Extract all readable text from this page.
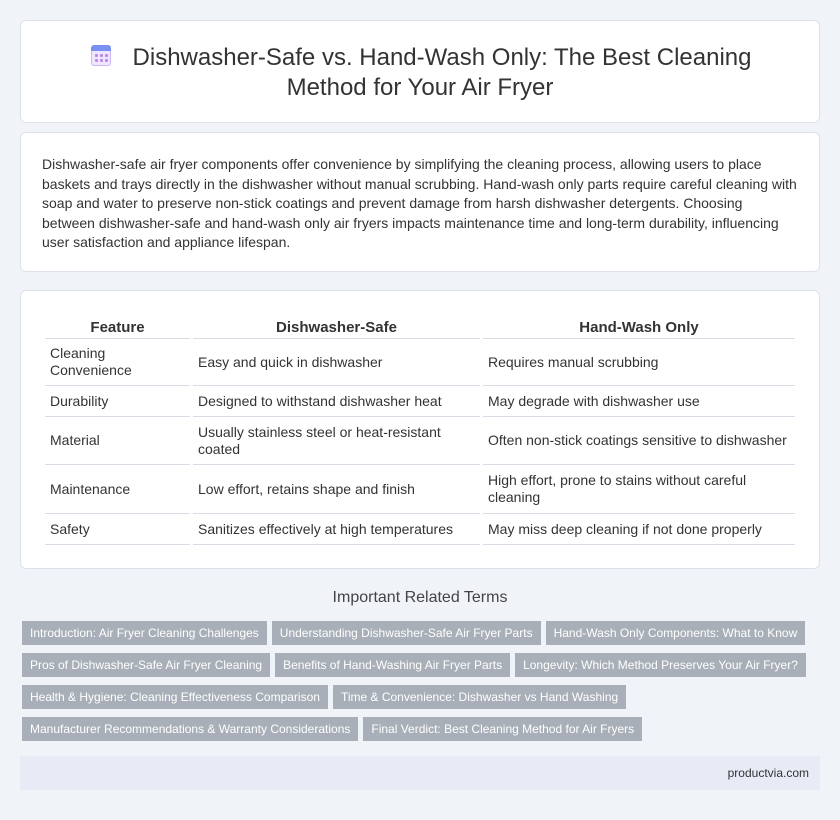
Dishwasher-Safe vs. Hand-Wash Only: The Best Cleaning Method for Your Air Fryer

Dishwasher-safe air fryer components offer convenience by simplifying the cleaning process, allowing users to place baskets and trays directly in the dishwasher without manual scrubbing. Hand-wash only parts require careful cleaning with soap and water to preserve non-stick coatings and prevent damage from harsh dishwasher detergents. Choosing between dishwasher-safe and hand-wash only air fryers impacts maintenance time and long-term durability, influencing user satisfaction and appliance lifespan.

Feature	Dishwasher-Safe	Hand-Wash Only
Cleaning Convenience	Easy and quick in dishwasher	Requires manual scrubbing
Durability	Designed to withstand dishwasher heat	May degrade with dishwasher use
Material	Usually stainless steel or heat-resistant coated	Often non-stick coatings sensitive to dishwasher
Maintenance	Low effort, retains shape and finish	High effort, prone to stains without careful cleaning
Safety	Sanitizes effectively at high temperatures	May miss deep cleaning if not done properly
Important Related Terms
Introduction: Air Fryer Cleaning Challenges Understanding Dishwasher-Safe Air Fryer Parts Hand-Wash Only Components: What to Know
Pros of Dishwasher-Safe Air Fryer Cleaning Benefits of Hand-Washing Air Fryer Parts Longevity: Which Method Preserves Your Air Fryer?
Health & Hygiene: Cleaning Effectiveness Comparison Time & Convenience: Dishwasher vs Hand Washing
Manufacturer Recommendations & Warranty Considerations Final Verdict: Best Cleaning Method for Air Fryers
productvia.com
